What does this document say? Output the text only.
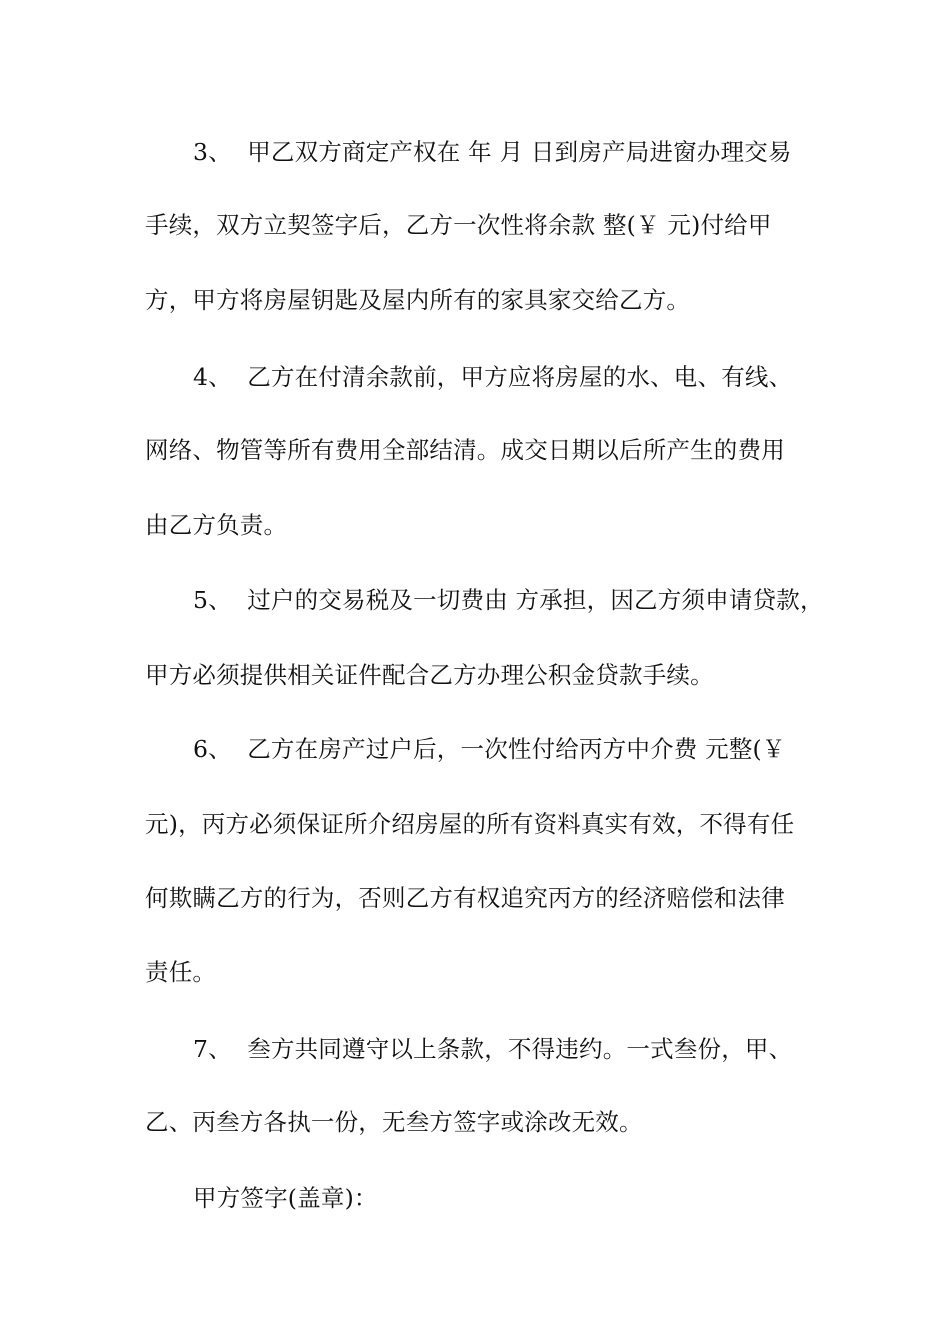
3、  甲乙双方商定产权在 年 月 日到房产局进窗办理交易
手续，双方立契签字后，乙方一次性将余款 整(￥ 元)付给甲
方，甲方将房屋钥匙及屋内所有的家具家交给乙方。
4、  乙方在付清余款前，甲方应将房屋的水、电、有线、
网络、物管等所有费用全部结清。成交日期以后所产生的费用
由乙方负责。
5、  过户的交易税及一切费由 方承担，因乙方须申请贷款，
甲方必须提供相关证件配合乙方办理公积金贷款手续。
6、  乙方在房产过户后，一次性付给丙方中介费 元整(￥
元)，丙方必须保证所介绍房屋的所有资料真实有效，不得有任
何欺瞒乙方的行为，否则乙方有权追究丙方的经济赔偿和法律
责任。
7、  叁方共同遵守以上条款，不得违约。一式叁份，甲、
乙、丙叁方各执一份，无叁方签字或涂改无效。
甲方签字(盖章)：
